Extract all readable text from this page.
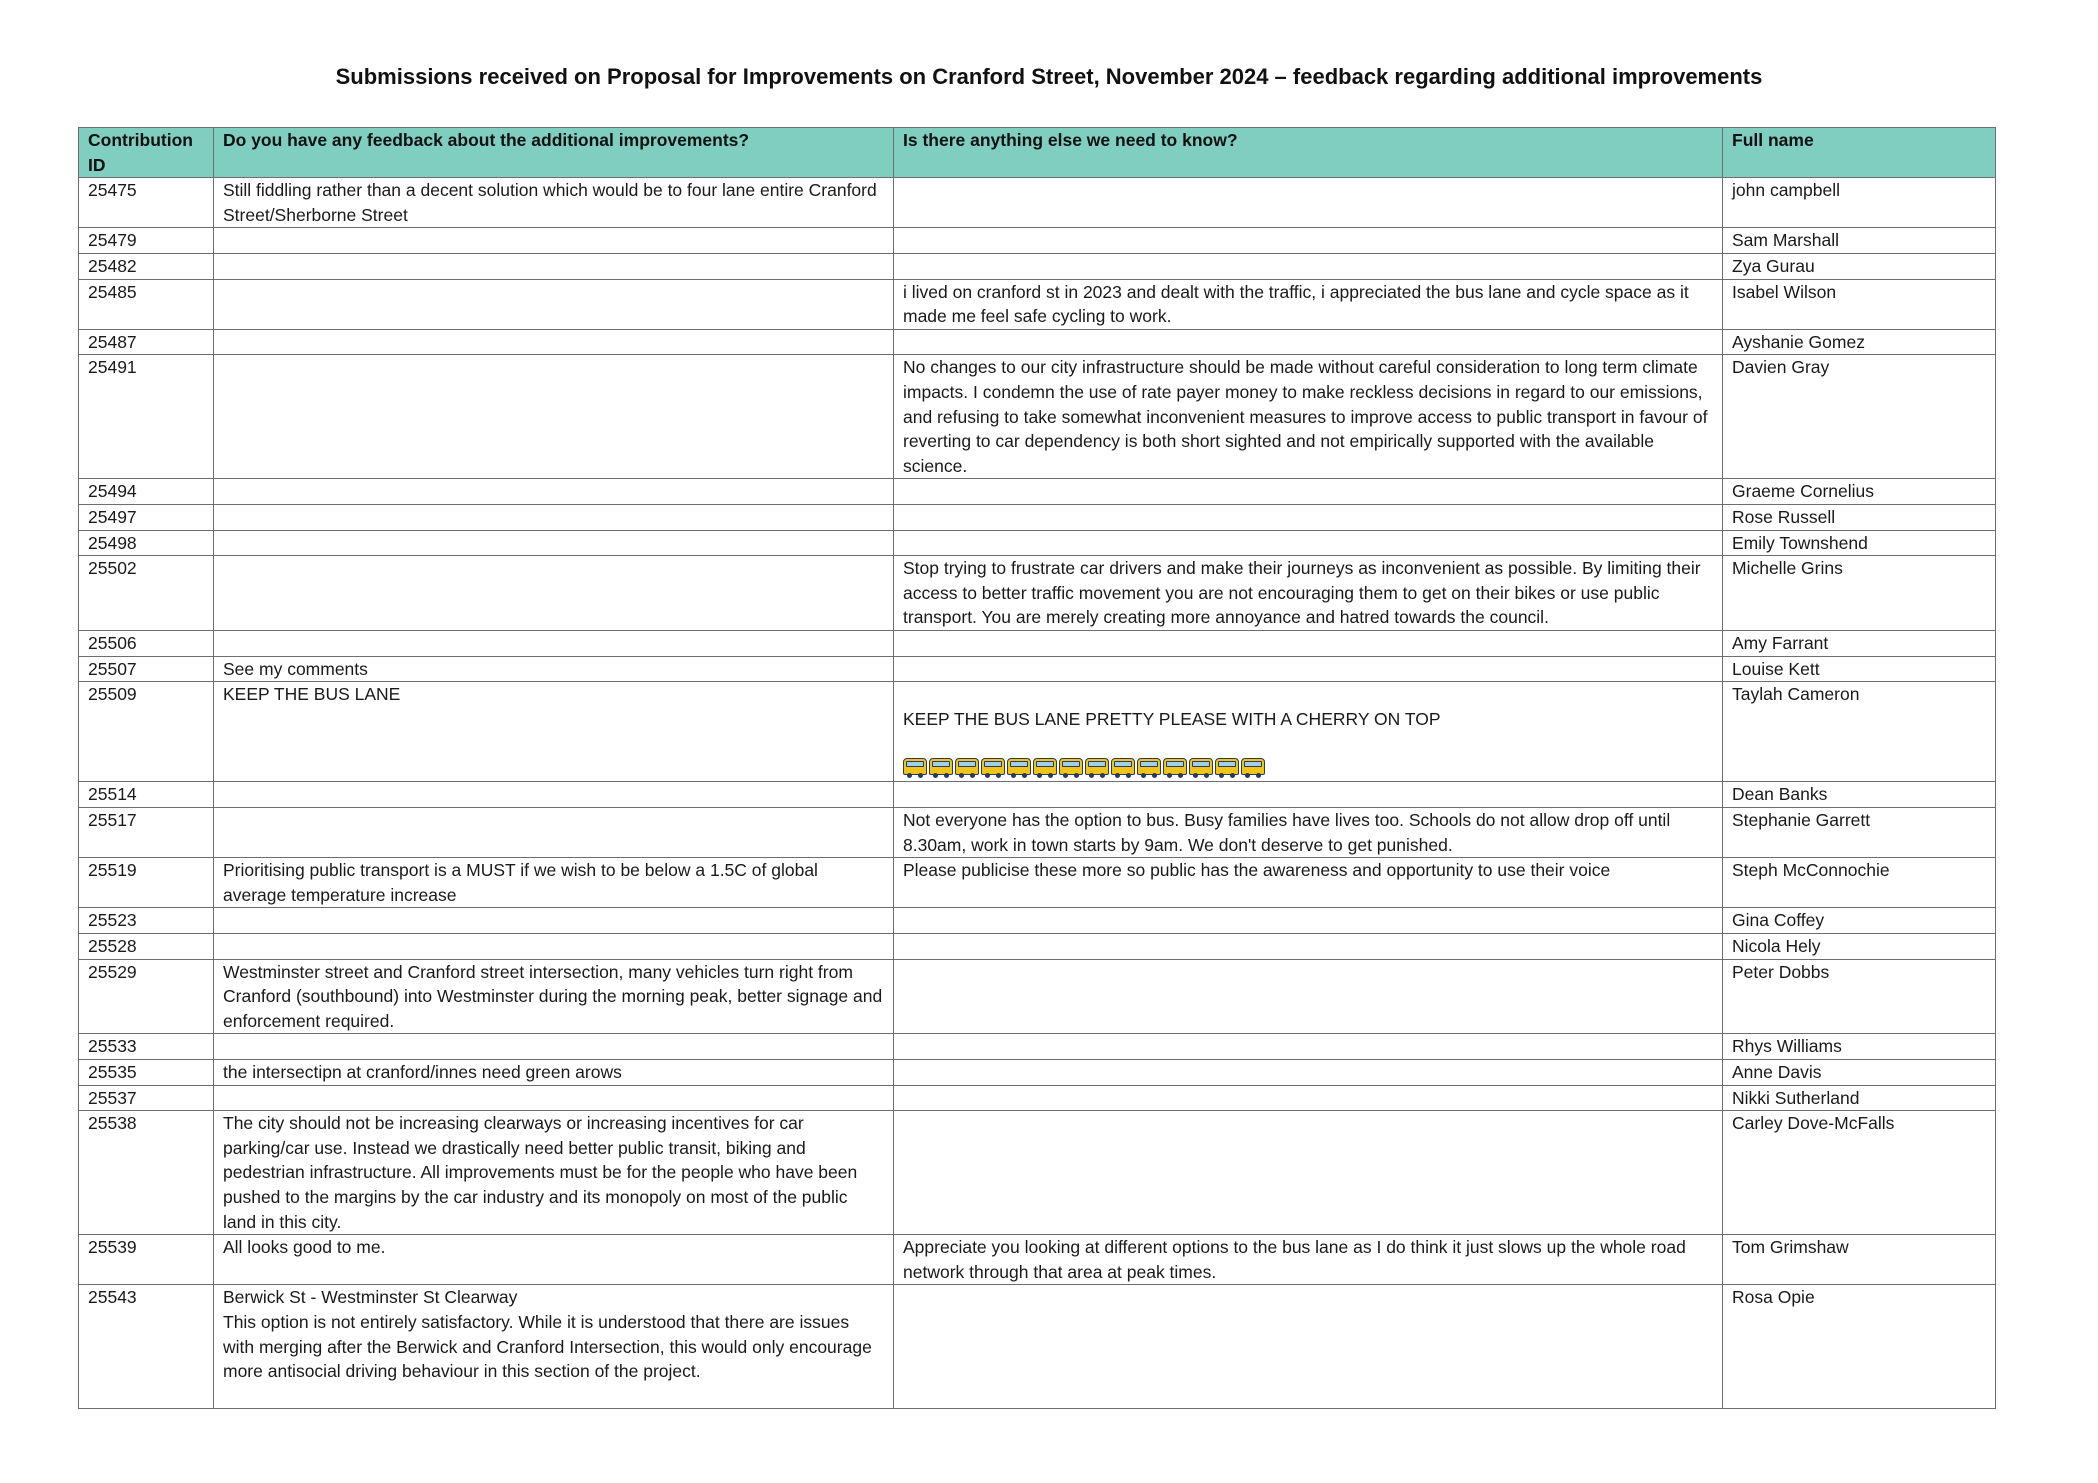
Submissions received on Proposal for Improvements on Cranford Street, November 2024 – feedback regarding additional improvements
Contribution ID	Do you have any feedback about the additional improvements?	Is there anything else we need to know?	Full name
25475	Still fiddling rather than a decent solution which would be to four lane entire Cranford Street/Sherborne Street		john campbell
25479			Sam Marshall
25482			Zya Gurau
25485		i lived on cranford st in 2023 and dealt with the traffic, i appreciated the bus lane and cycle space as it made me feel safe cycling to work.	Isabel Wilson
25487			Ayshanie Gomez
25491		No changes to our city infrastructure should be made without careful consideration to long term climate impacts. I condemn the use of rate payer money to make reckless decisions in regard to our emissions, and refusing to take somewhat inconvenient measures to improve access to public transport in favour of reverting to car dependency is both short sighted and not empirically supported with the available science.	Davien Gray
25494			Graeme Cornelius
25497			Rose Russell
25498			Emily Townshend
25502		Stop trying to frustrate car drivers and make their journeys as inconvenient as possible. By limiting their access to better traffic movement you are not encouraging them to get on their bikes or use public transport. You are merely creating more annoyance and hatred towards the council.	Michelle Grins
25506			Amy Farrant
25507	See my comments		Louise Kett
25509	KEEP THE BUS LANE	KEEP THE BUS LANE PRETTY PLEASE WITH A CHERRY ON TOP	Taylah Cameron
25514			Dean Banks
25517		Not everyone has the option to bus. Busy families have lives too. Schools do not allow drop off until 8.30am, work in town starts by 9am. We don't deserve to get punished.	Stephanie Garrett
25519	Prioritising public transport is a MUST if we wish to be below a 1.5C of global average temperature increase	Please publicise these more so public has the awareness and opportunity to use their voice	Steph McConnochie
25523			Gina Coffey
25528			Nicola Hely
25529	Westminster street and Cranford street intersection, many vehicles turn right from Cranford (southbound) into Westminster during the morning peak, better signage and enforcement required.		Peter Dobbs
25533			Rhys Williams
25535	the intersectipn at cranford/innes need green arows		Anne Davis
25537			Nikki Sutherland
25538	The city should not be increasing clearways or increasing incentives for car parking/car use. Instead we drastically need better public transit, biking and pedestrian infrastructure. All improvements must be for the people who have been pushed to the margins by the car industry and its monopoly on most of the public land in this city.		Carley Dove-McFalls
25539	All looks good to me.	Appreciate you looking at different options to the bus lane as I do think it just slows up the whole road network through that area at peak times.	Tom Grimshaw
25543	Berwick St - Westminster St Clearway
This option is not entirely satisfactory. While it is understood that there are issues with merging after the Berwick and Cranford Intersection, this would only encourage more antisocial driving behaviour in this section of the project.		Rosa Opie
